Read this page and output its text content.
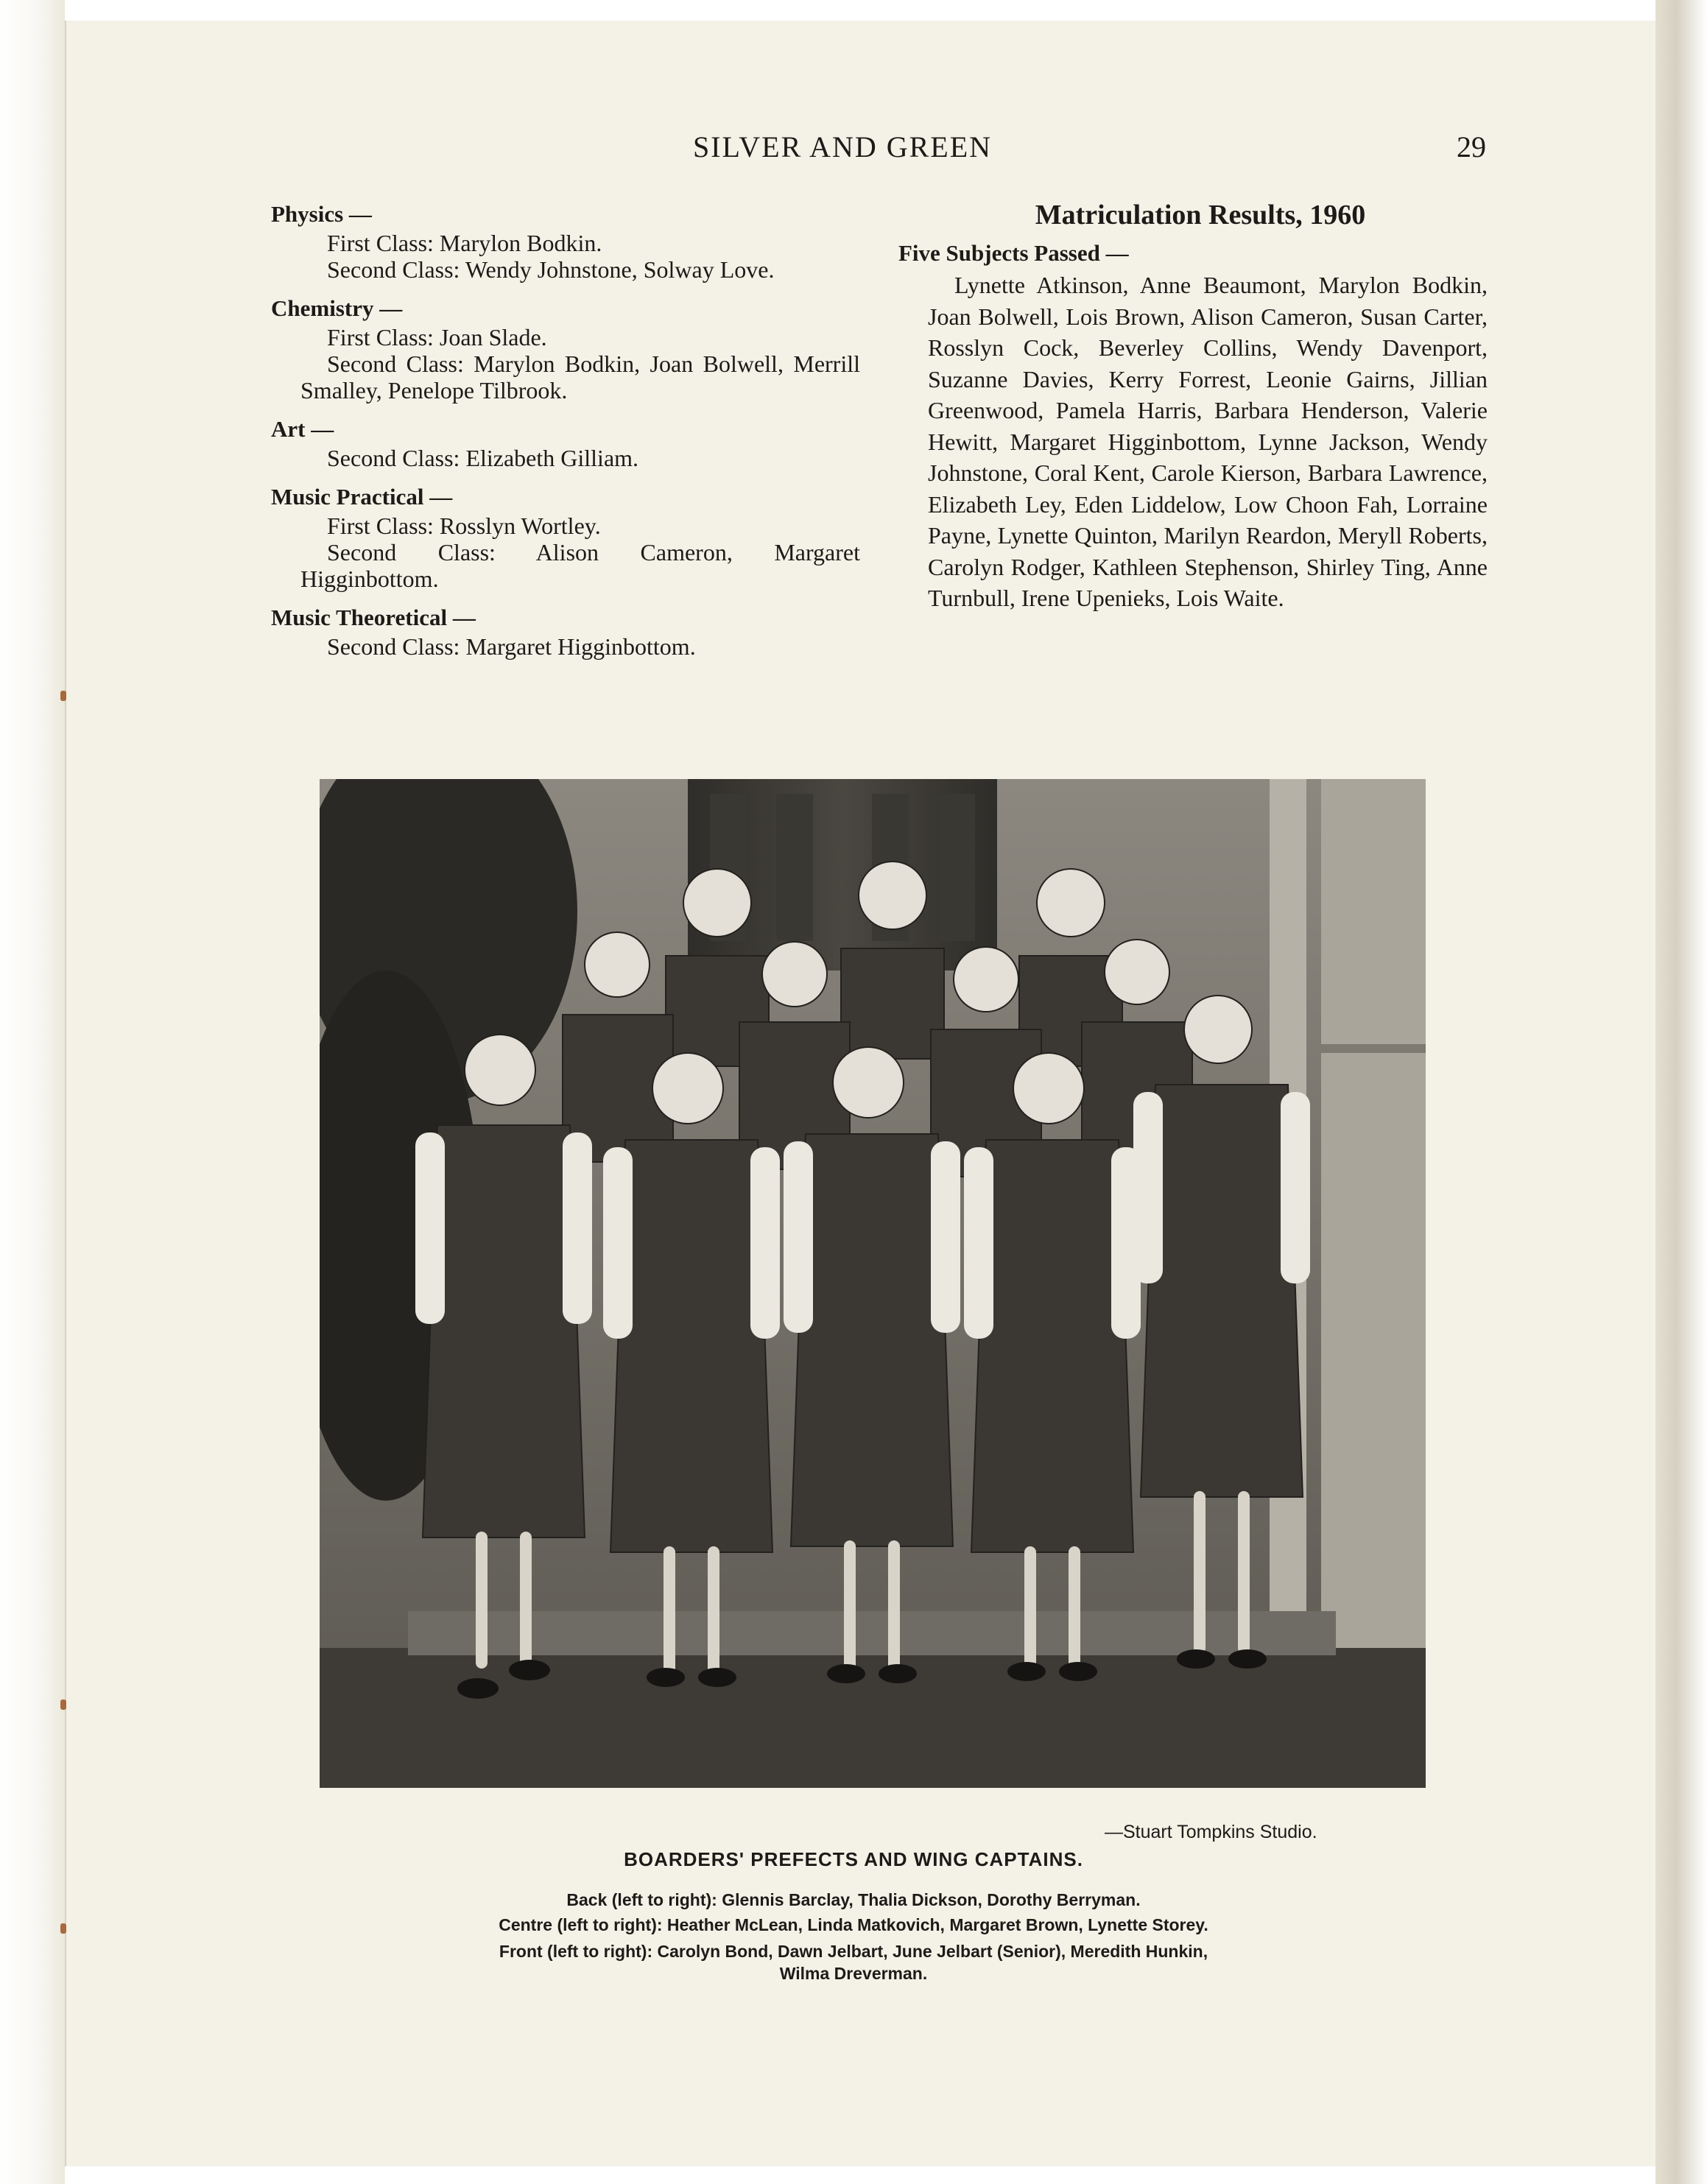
SILVER AND GREEN	29
Physics —
First Class: Marylon Bodkin.
Second Class: Wendy Johnstone, Solway Love.
Chemistry —
First Class: Joan Slade.
Second Class: Marylon Bodkin, Joan Bolwell, Merrill Smalley, Penelope Tilbrook.
Art —
Second Class: Elizabeth Gilliam.
Music Practical —
First Class: Rosslyn Wortley.
Second Class: Alison Cameron, Margaret Higginbottom.
Music Theoretical —
Second Class: Margaret Higginbottom.
Matriculation Results, 1960
Five Subjects Passed —
Lynette Atkinson, Anne Beaumont, Marylon Bodkin, Joan Bolwell, Lois Brown, Alison Cameron, Susan Carter, Rosslyn Cock, Beverley Collins, Wendy Davenport, Suzanne Davies, Kerry Forrest, Leonie Gairns, Jillian Greenwood, Pamela Harris, Barbara Henderson, Valerie Hewitt, Margaret Higginbottom, Lynne Jackson, Wendy Johnstone, Coral Kent, Carole Kierson, Barbara Lawrence, Elizabeth Ley, Eden Liddelow, Low Choon Fah, Lorraine Payne, Lynette Quinton, Marilyn Reardon, Meryll Roberts, Carolyn Rodger, Kathleen Stephenson, Shirley Ting, Anne Turnbull, Irene Upenieks, Lois Waite.
—Stuart Tompkins Studio.
BOARDERS' PREFECTS AND WING CAPTAINS.
Back (left to right): Glennis Barclay, Thalia Dickson, Dorothy Berryman.
Centre (left to right): Heather McLean, Linda Matkovich, Margaret Brown, Lynette Storey.
Front (left to right): Carolyn Bond, Dawn Jelbart, June Jelbart (Senior), Meredith Hunkin,
Wilma Dreverman.
